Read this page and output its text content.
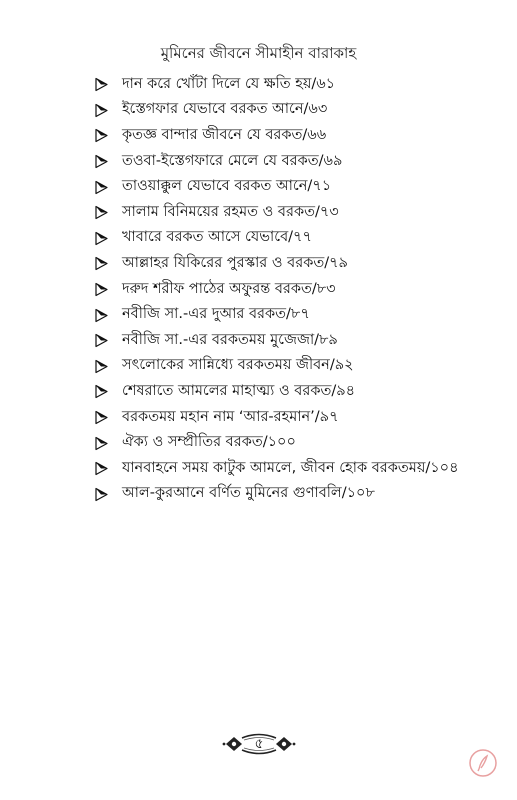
মুমিনের জীবনে সীমাহীন বারাকাহ
দান করে খোঁটা দিলে যে ক্ষতি হয়/৬১
ইস্তেগফার যেভাবে বরকত আনে/৬৩
কৃতজ্ঞ বান্দার জীবনে যে বরকত/৬৬
তওবা-ইস্তেগফারে মেলে যে বরকত/৬৯
তাওয়াক্কুল যেভাবে বরকত আনে/৭১
সালাম বিনিময়ের রহমত ও বরকত/৭৩
খাবারে বরকত আসে যেভাবে/৭৭
আল্লাহর যিকিরের পুরস্কার ও বরকত/৭৯
দরুদ শরীফ পাঠের অফুরন্ত বরকত/৮৩
নবীজি সা.-এর দুআর বরকত/৮৭
নবীজি সা.-এর বরকতময় মুজেজা/৮৯
সৎলোকের সান্নিধ্যে বরকতময় জীবন/৯২
শেষরাতে আমলের মাহাত্ম্য ও বরকত/৯৪
বরকতময় মহান নাম ‘আর-রহমান’/৯৭
ঐক্য ও সম্প্রীতির বরকত/১০০
যানবাহনে সময় কাটুক আমলে, জীবন হোক বরকতময়/১০৪
আল-কুরআনে বর্ণিত মুমিনের গুণাবলি/১০৮
৫
